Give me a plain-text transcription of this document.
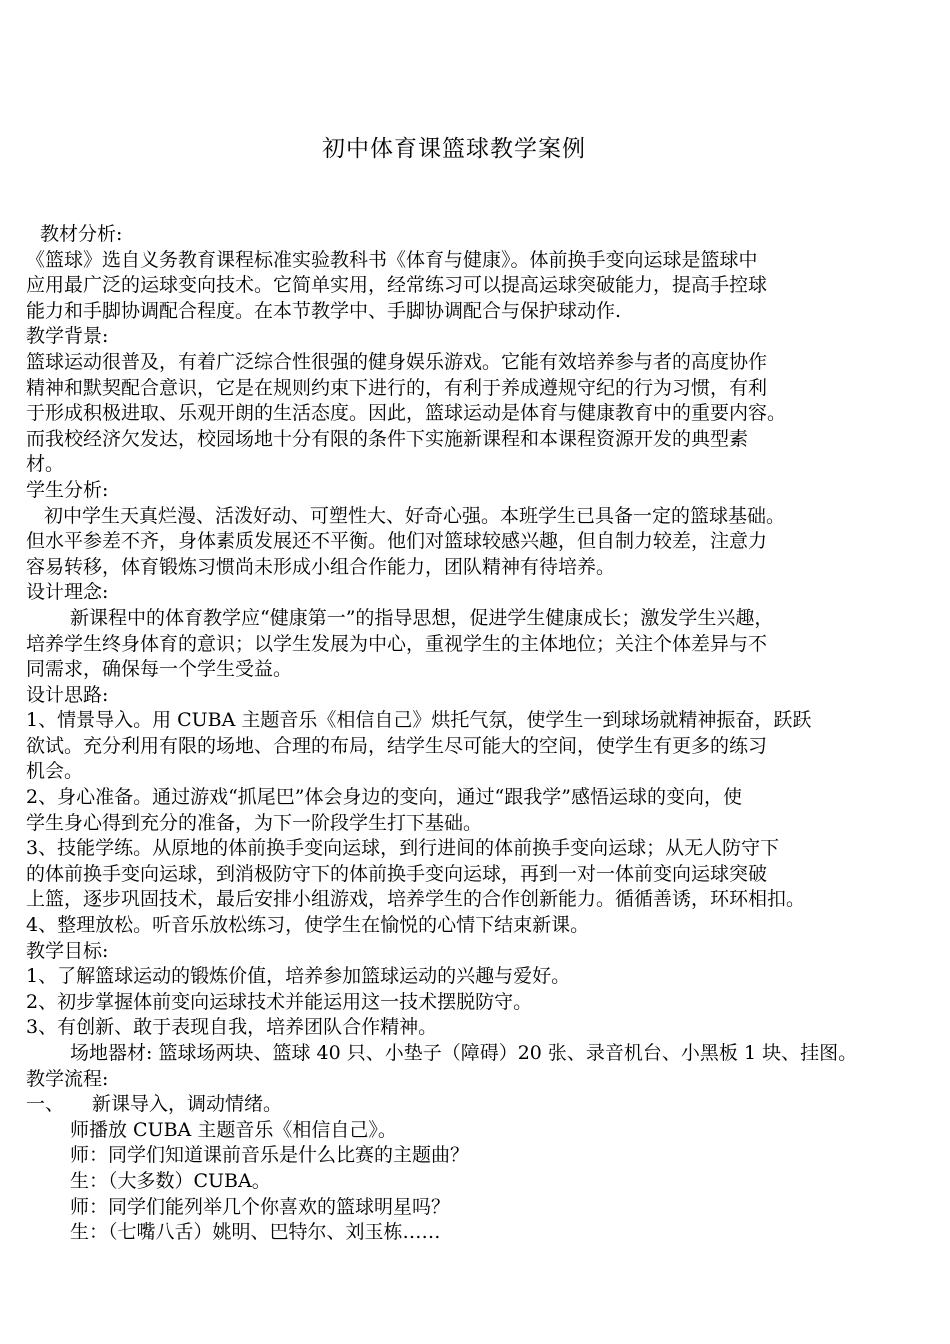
初中体育课篮球教学案例
教材分析:
《篮球》选自义务教育课程标准实验教科书《体育与健康》。体前换手变向运球是篮球中
应用最广泛的运球变向技术。它简单实用，经常练习可以提高运球突破能力，提高手控球
能力和手脚协调配合程度。在本节教学中、手脚协调配合与保护球动作.
教学背景:
篮球运动很普及，有着广泛综合性很强的健身娱乐游戏。它能有效培养参与者的高度协作
精神和默契配合意识，它是在规则约束下进行的，有利于养成遵规守纪的行为习惯，有利
于形成积极进取、乐观开朗的生活态度。因此，篮球运动是体育与健康教育中的重要内容。
而我校经济欠发达，校园场地十分有限的条件下实施新课程和本课程资源开发的典型素
材。
学生分析:
初中学生天真烂漫、活泼好动、可塑性大、好奇心强。本班学生已具备一定的篮球基础。
但水平参差不齐，身体素质发展还不平衡。他们对篮球较感兴趣，但自制力较差，注意力
容易转移，体育锻炼习惯尚未形成小组合作能力，团队精神有待培养。
设计理念:
新课程中的体育教学应“健康第一”的指导思想，促进学生健康成长；激发学生兴趣，
培养学生终身体育的意识；以学生发展为中心，重视学生的主体地位；关注个体差异与不
同需求，确保每一个学生受益。
设计思路:
1、情景导入。用 CUBA 主题音乐《相信自己》烘托气氛，使学生一到球场就精神振奋，跃跃
欲试。充分利用有限的场地、合理的布局，结学生尽可能大的空间，使学生有更多的练习
机会。
2、身心准备。通过游戏“抓尾巴”体会身边的变向，通过“跟我学”感悟运球的变向，使
学生身心得到充分的准备，为下一阶段学生打下基础。
3、技能学练。从原地的体前换手变向运球，到行进间的体前换手变向运球；从无人防守下
的体前换手变向运球，到消极防守下的体前换手变向运球，再到一对一体前变向运球突破
上篮，逐步巩固技术，最后安排小组游戏，培养学生的合作创新能力。循循善诱，环环相扣。
4、整理放松。听音乐放松练习，使学生在愉悦的心情下结束新课。
教学目标:
1、了解篮球运动的锻炼价值，培养参加篮球运动的兴趣与爱好。
2、初步掌握体前变向运球技术并能运用这一技术摆脱防守。
3、有创新、敢于表现自我，培养团队合作精神。
场地器材: 篮球场两块、篮球 40 只、小垫子（障碍）20 张、录音机台、小黑板 1 块、挂图。
教学流程:
一、	新课导入，调动情绪。
师播放 CUBA 主题音乐《相信自己》。
师：同学们知道课前音乐是什么比赛的主题曲？
生：（大多数）CUBA。
师：同学们能列举几个你喜欢的篮球明星吗？
生：（七嘴八舌）姚明、巴特尔、刘玉栋……
